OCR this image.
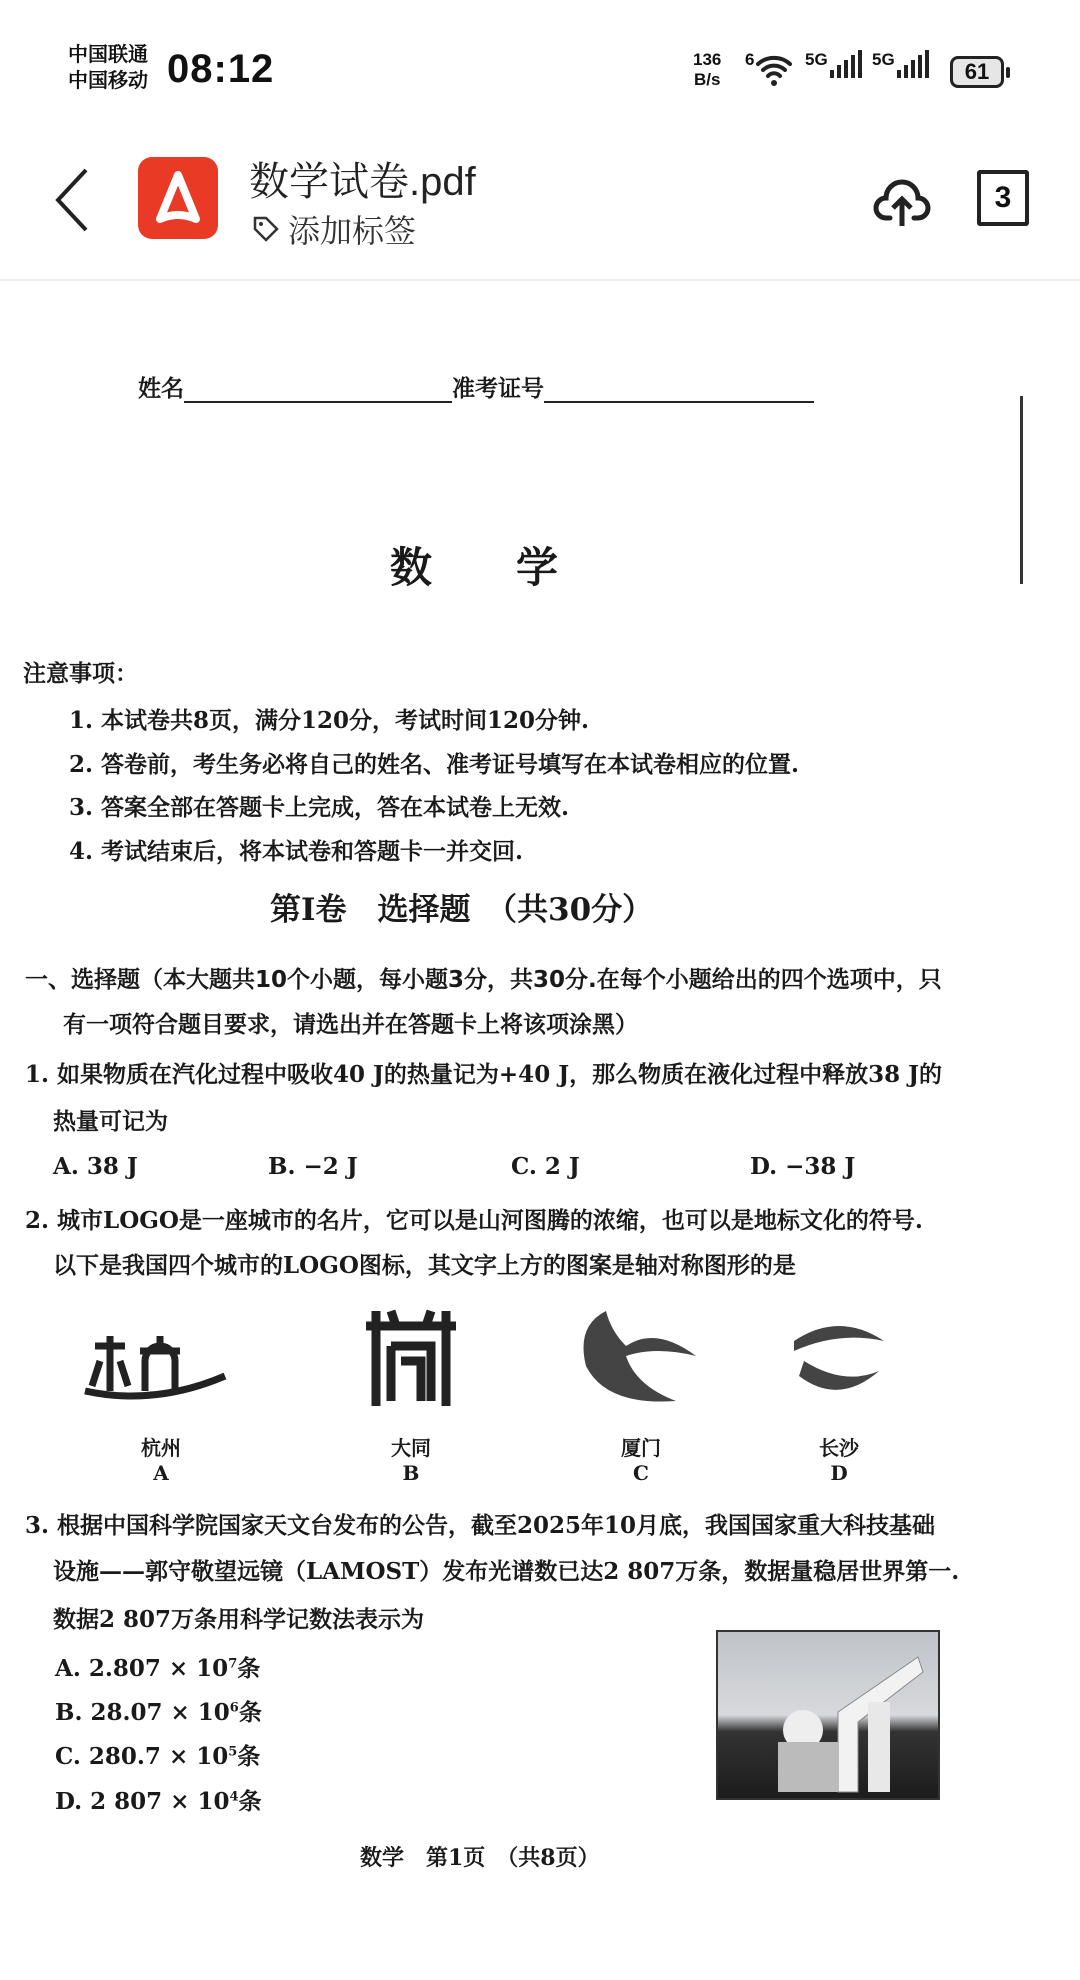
中国联通
中国移动 08:12	136
B/s
6	5G	5G	61
数学试卷.pdf
添加标签
3
姓名	准考证号
数　　学
注意事项：
1. 本试卷共8页，满分120分，考试时间120分钟.
2. 答卷前，考生务必将自己的姓名、准考证号填写在本试卷相应的位置.
3. 答案全部在答题卡上完成，答在本试卷上无效.
4. 考试结束后，将本试卷和答题卡一并交回.
第Ⅰ卷　选择题　（共30分）
一、选择题（本大题共10个小题，每小题3分，共30分.在每个小题给出的四个选项中，只
有一项符合题目要求，请选出并在答题卡上将该项涂黑）
1. 如果物质在汽化过程中吸收40 J的热量记为+40 J，那么物质在液化过程中释放38 J的
热量可记为
A. 38 J	B. −2 J	C. 2 J	D. −38 J
2. 城市LOGO是一座城市的名片，它可以是山河图腾的浓缩，也可以是地标文化的符号.
以下是我国四个城市的LOGO图标，其文字上方的图案是轴对称图形的是
杭州
A
大同
B
厦门
C
长沙
D
3. 根据中国科学院国家天文台发布的公告，截至2025年10月底，我国国家重大科技基础
设施——郭守敬望远镜（LAMOST）发布光谱数已达2 807万条，数据量稳居世界第一.
数据2 807万条用科学记数法表示为
A. $2.807 \times 10^7$条
B. $28.07 \times 10^6$条
C. $280.7 \times 10^5$条
D. 2 $807 \times 10^4$条
数学　第1页　（共8页）
